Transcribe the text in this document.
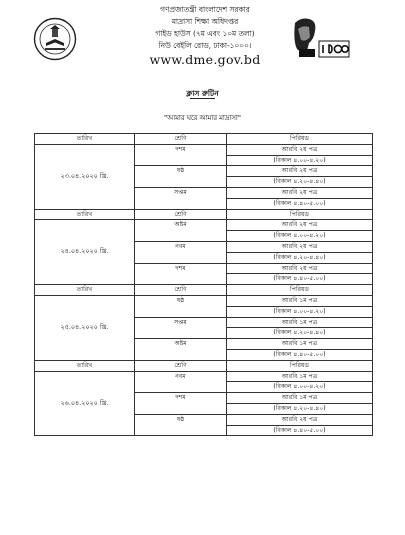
গণপ্রজাতন্ত্রী বাংলাদেশ সরকার
মাদ্রাসা শিক্ষা অধিদপ্তর
গাইড হাউস (৭ম এবং ১০ম তলা)
নিউ বেইলি রোড, ঢাকা-১০০০।
www.dme.gov.bd
ক্লাস রুটিন
"আমার ঘরে আমার মাদ্রাসা"
তারিখ	শ্রেণি	পিরিয়ড
২৩.০৪.২০২০ খ্রি.	দশম	আরবি ২য় পত্র
		(বিকাল ৪.০০-৪.২০)
	ষষ্ঠ	আরবি ২য় পত্র
		(বিকাল ৪.২০-৪.৪০)
	সপ্তম	আরবি ২য় পত্র
		(বিকাল ৪.৪০-৫.০০)
তারিখ	শ্রেণি	পিরিয়ড
২৪.০৪.২০২০ খ্রি.	অষ্টম	আরবি ২য় পত্র
		(বিকাল ৪.০০-৪.২০)
	নবম	আরবি ২য় পত্র
		(বিকাল ৪.২০-৪.৪০)
	দশম	আরবি ২য় পত্র
		(বিকাল ৪.৪০-৫.০০)
তারিখ	শ্রেণি	পিরিয়ড
২৫.০৪.২০২০ খ্রি.	ষষ্ঠ	আরবি ১ম পত্র
		(বিকাল ৪.০০-৪.২০)
	সপ্তম	আরবি ১ম পত্র
		(বিকাল ৪.২০-৪.৪০)
	অষ্টম	আরবি ১ম পত্র
		(বিকাল ৪.৪০-৫.০০)
তারিখ	শ্রেণি	পিরিয়ড
২৬.০৪.২০২০ খ্রি.	নবম	আরবি ১ম পত্র
		(বিকাল ৪.০০-৪.২০)
	দশম	আরবি ১ম পত্র
		(বিকাল ৪.২০-৪.৪০)
	ষষ্ঠ	আরবি ২য় পত্র
		(বিকাল ৪.৪০-৫.০০)
